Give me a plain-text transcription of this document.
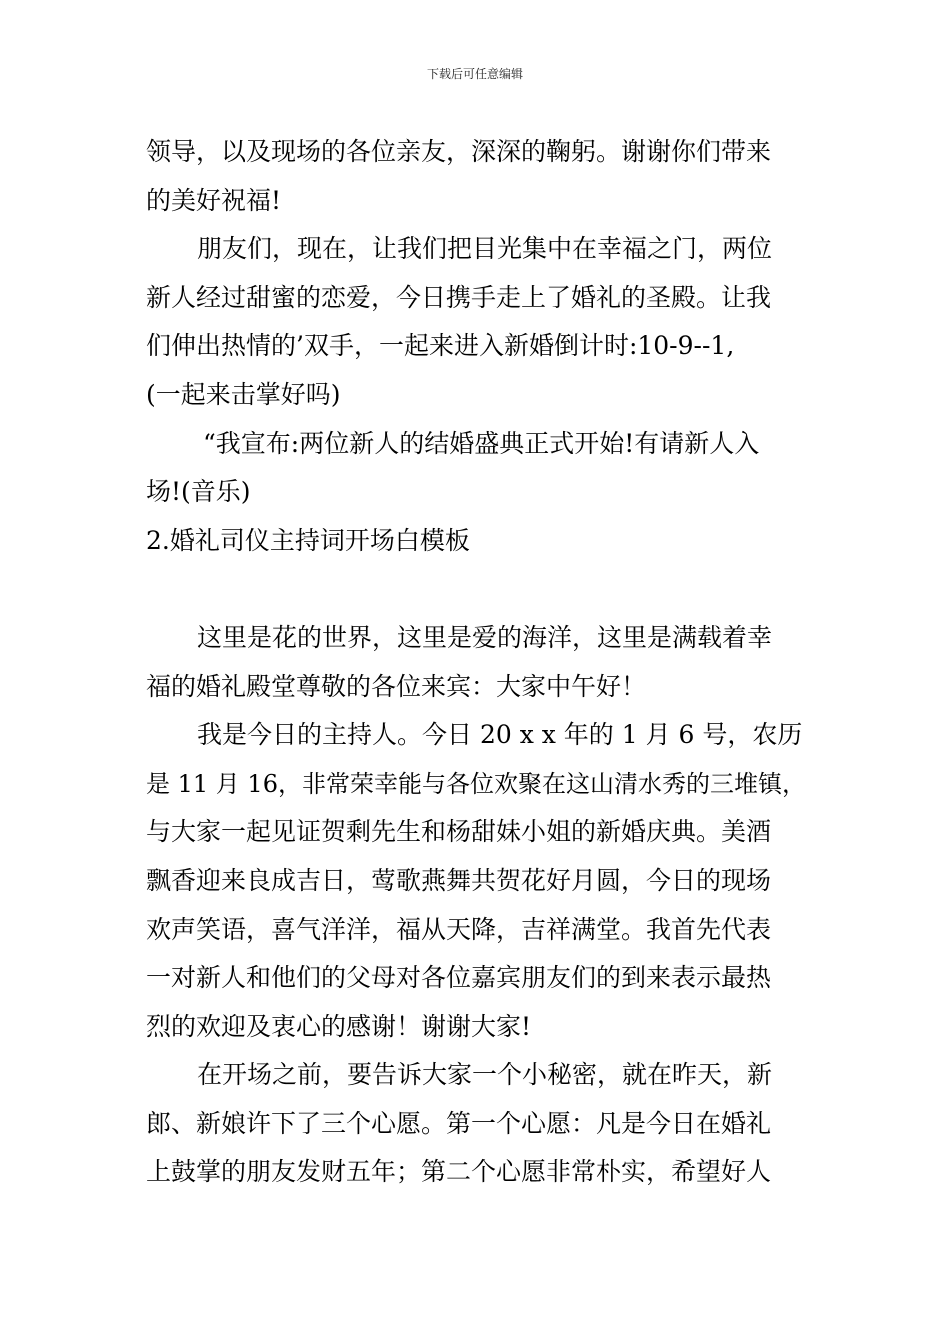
下载后可任意编辑
领导，以及现场的各位亲友，深深的鞠躬。谢谢你们带来
的美好祝福!
朋友们，现在，让我们把目光集中在幸福之门，两位
新人经过甜蜜的恋爱，今日携手走上了婚礼的圣殿。让我
们伸出热情的’双手，一起来进入新婚倒计时:10-9--1,
(一起来击掌好吗)
“我宣布:两位新人的结婚盛典正式开始!有请新人入
场!(音乐)
2.婚礼司仪主持词开场白模板
这里是花的世界，这里是爱的海洋，这里是满载着幸
福的婚礼殿堂尊敬的各位来宾：大家中午好！
我是今日的主持人。今日 20 x x 年的 1 月 6 号，农历
是 11 月 16，非常荣幸能与各位欢聚在这山清水秀的三堆镇，
与大家一起见证贺剩先生和杨甜妹小姐的新婚庆典。美酒
飘香迎来良成吉日，莺歌燕舞共贺花好月圆，今日的现场
欢声笑语，喜气洋洋，福从天降，吉祥满堂。我首先代表
一对新人和他们的父母对各位嘉宾朋友们的到来表示最热
烈的欢迎及衷心的感谢！谢谢大家!
在开场之前，要告诉大家一个小秘密，就在昨天，新
郎、新娘许下了三个心愿。第一个心愿：凡是今日在婚礼
上鼓掌的朋友发财五年；第二个心愿非常朴实，希望好人
